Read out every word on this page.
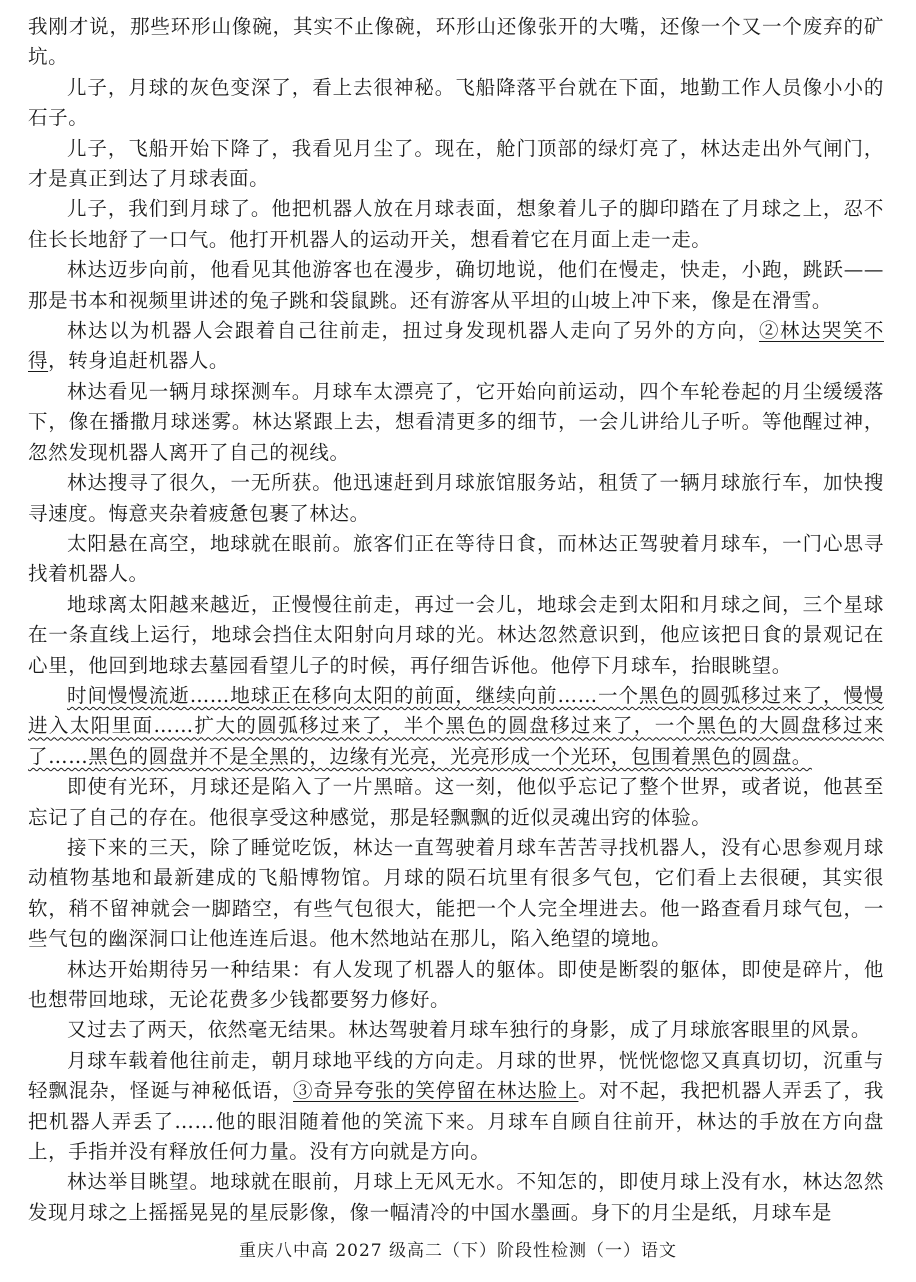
我刚才说，那些环形山像碗，其实不止像碗，环形山还像张开的大嘴，还像一个又一个废弃的矿坑。

儿子，月球的灰色变深了，看上去很神秘。飞船降落平台就在下面，地勤工作人员像小小的石子。

儿子，飞船开始下降了，我看见月尘了。现在，舱门顶部的绿灯亮了，林达走出外气闸门，才是真正到达了月球表面。

儿子，我们到月球了。他把机器人放在月球表面，想象着儿子的脚印踏在了月球之上，忍不住长长地舒了一口气。他打开机器人的运动开关，想看着它在月面上走一走。

林达迈步向前，他看见其他游客也在漫步，确切地说，他们在慢走，快走，小跑，跳跃——那是书本和视频里讲述的兔子跳和袋鼠跳。还有游客从平坦的山坡上冲下来，像是在滑雪。

林达以为机器人会跟着自己往前走，扭过身发现机器人走向了另外的方向，②林达哭笑不得，转身追赶机器人。

林达看见一辆月球探测车。月球车太漂亮了，它开始向前运动，四个车轮卷起的月尘缓缓落下，像在播撒月球迷雾。林达紧跟上去，想看清更多的细节，一会儿讲给儿子听。等他醒过神，忽然发现机器人离开了自己的视线。

林达搜寻了很久，一无所获。他迅速赶到月球旅馆服务站，租赁了一辆月球旅行车，加快搜寻速度。悔意夹杂着疲惫包裹了林达。

太阳悬在高空，地球就在眼前。旅客们正在等待日食，而林达正驾驶着月球车，一门心思寻找着机器人。

地球离太阳越来越近，正慢慢往前走，再过一会儿，地球会走到太阳和月球之间，三个星球在一条直线上运行，地球会挡住太阳射向月球的光。林达忽然意识到，他应该把日食的景观记在心里，他回到地球去墓园看望儿子的时候，再仔细告诉他。他停下月球车，抬眼眺望。

时间慢慢流逝……地球正在移向太阳的前面，继续向前……一个黑色的圆弧移过来了，慢慢进入太阳里面……扩大的圆弧移过来了，半个黑色的圆盘移过来了，一个黑色的大圆盘移过来了……黑色的圆盘并不是全黑的，边缘有光亮，光亮形成一个光环，包围着黑色的圆盘。

即使有光环，月球还是陷入了一片黑暗。这一刻，他似乎忘记了整个世界，或者说，他甚至忘记了自己的存在。他很享受这种感觉，那是轻飘飘的近似灵魂出窍的体验。

接下来的三天，除了睡觉吃饭，林达一直驾驶着月球车苦苦寻找机器人，没有心思参观月球动植物基地和最新建成的飞船博物馆。月球的陨石坑里有很多气包，它们看上去很硬，其实很软，稍不留神就会一脚踏空，有些气包很大，能把一个人完全埋进去。他一路查看月球气包，一些气包的幽深洞口让他连连后退。他木然地站在那儿，陷入绝望的境地。

林达开始期待另一种结果：有人发现了机器人的躯体。即使是断裂的躯体，即使是碎片，他也想带回地球，无论花费多少钱都要努力修好。

又过去了两天，依然毫无结果。林达驾驶着月球车独行的身影，成了月球旅客眼里的风景。

月球车载着他往前走，朝月球地平线的方向走。月球的世界，恍恍惚惚又真真切切，沉重与轻飘混杂，怪诞与神秘低语，③奇异夸张的笑停留在林达脸上。对不起，我把机器人弄丢了，我把机器人弄丢了……他的眼泪随着他的笑流下来。月球车自顾自往前开，林达的手放在方向盘上，手指并没有释放任何力量。没有方向就是方向。

林达举目眺望。地球就在眼前，月球上无风无水。不知怎的，即使月球上没有水，林达忽然发现月球之上摇摇晃晃的星辰影像，像一幅清冷的中国水墨画。身下的月尘是纸，月球车是

重庆八中高 2027 级高二（下）阶段性检测（一）语文
